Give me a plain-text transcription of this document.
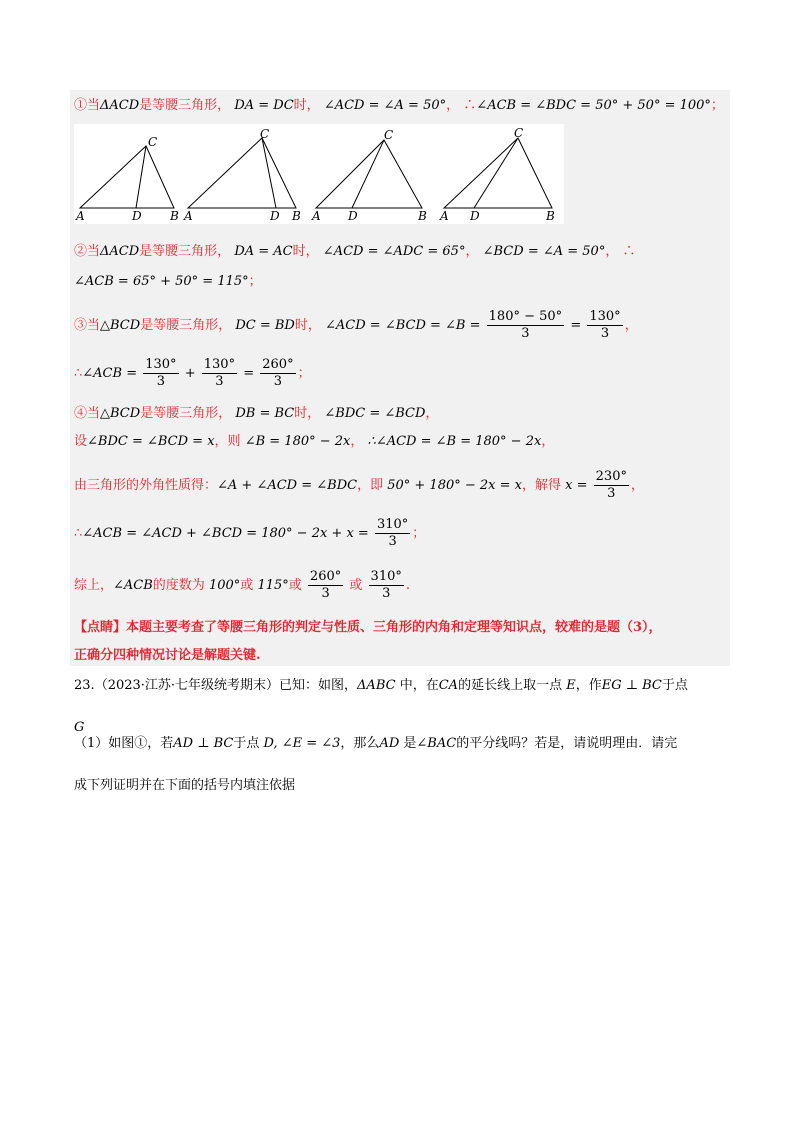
①当ΔACD是等腰三角形， DA = DC时， ∠ACD = ∠A = 50°， ∴∠ACB = ∠BDC = 50° + 50° = 100°；
C
A	D B
C
A	D B
C
A D	B
C
A D	B
②当ΔACD是等腰三角形， DA = AC时， ∠ACD = ∠ADC = 65°， ∠BCD = ∠A = 50°， ∴
∠ACB = 65° + 50° = 115°；
③当△BCD是等腰三角形， DC = BD时， ∠ACD = ∠BCD = ∠B = $\frac{180^\circ - 50^\circ}{3} = \frac{130^\circ}{3}$ ，
∴∠ACB = $\frac{130^\circ}{3} + \frac{130^\circ}{3} = \frac{260^\circ}{3}$ ；
④当△BCD是等腰三角形， DB = BC时， ∠BDC = ∠BCD，
设∠BDC = ∠BCD = x，则 ∠B = 180° − 2x， ∴∠ACD = ∠B = 180° − 2x，
由三角形的外角性质得：∠A + ∠ACD = ∠BDC，即 50° + 180° − 2x = x，解得 $x = \frac{230^\circ}{3}$ ，
∴∠ACB = ∠ACD + ∠BCD = $180^\circ - 2x + x = \frac{310^\circ}{3}$ ；
综上，∠ACB的度数为 100°或 115°或 $\frac{260^\circ}{3}$ 或 $\frac{310^\circ}{3}$ .
【点睛】本题主要考查了等腰三角形的判定与性质、三角形的内角和定理等知识点，较难的是题（3），
正确分四种情况讨论是解题关键.
23.（2023·江苏·七年级统考期末）已知：如图，ΔABC 中，在CA的延长线上取一点 E，作EG ⊥ BC于点
G
（1）如图①，若AD ⊥ BC于点 D, ∠E = ∠3，那么AD 是∠BAC的平分线吗？若是，请说明理由．请完
成下列证明并在下面的括号内填注依据
